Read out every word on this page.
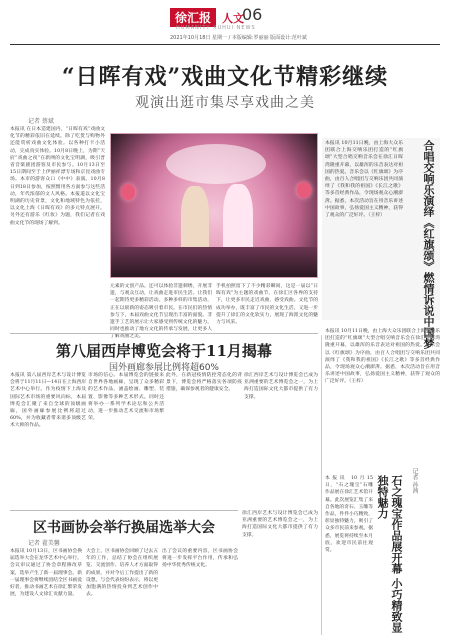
徐汇报	人文
HUMANITY XUHUI NEWS
06
2021年10月18日 星期一 / 本版编辑:罗丽丽 版面设计:范叶斌
“日晖有戏”戏曲文化节精彩继续
观演出逛市集尽享戏曲之美
记者 蔡斌
本报讯 在日本造建国内，“日晖有戏”戏曲文化节的精彩依旧在延续。除了吃货与购物外还能赏析戏曲文化体验。以各种打卡小活动，完成真实体验。10月8日晚上，为期“天府”戏曲之夜“在新网的文化宝明湖，吸引晋省音楽剧团游客及市民参与。10月13日至15日期间至于上伊丽祥漂专场和京昆戏曲专场。本市的游客众口《中中》表演。10月8日到18日参加，按照惯用各方面参与这些活动，年代浓郁的文人风格。本报道以文化宝明湖的历史背景，文化和地域特色为依托，以文化上海《日晖有戏》的多元特点展开。另外还有游乐《红妆》为题，我们记者在戏曲文化节的现场了解到。
元素的文创产品。还可以体验非遗刺绣，开展非遗，与观众互动，让戏曲走进市民生活。让我们一起期待更多精彩活动。多种多样的市集活动，正在以崭新的姿态吸引着市民。在市民们的热情参与下，本届戏曲文化节呈现出丰富的面貌。非遗手工艺的展示让大家感受到传统文化的魅力，同时也推动了地方文化的传承与发展，让更多人了解戏曲之美。
手机拍照留下了不少精彩瞬间，这是一届以“日晖有戏”为主题的戏曲节，在徐汇区各界的支持下，让更多市民走近戏曲、感受戏曲。文化节的成功举办，既丰富了市民的文化生活，又进一步提升了徐汇的文化软实力，展现了海派文化的魅力与风采。
本报讯 10月11日晚，由上海大众乐团联合上海交响乐团打造的“红旗颂”大型合唱交响音乐会在徐汇日晖湾隆重开幕，以雄浑的乐音表达对祖国的热爱。音乐会以《红旗颂》为序曲，由百人合唱团与交响乐团共同演绎了《我和我的祖国》《长江之歌》等多首经典作品，令现场观众心潮澎湃。据悉，本次活动旨在用音乐讲述中国故事，弘扬爱国主义精神，获得了观众的广泛好评。（王梓）	合唱交响乐演绎《红旗颂》燃情诉说中国梦
第八届西岸博览会将于11月揭幕
国外画廊参展比例将超60%
本报讯 第八届西岸艺术与设计博览会将于11月11日—14日在上海西岸艺术中心举行。作为疫情下上海及国际艺术市场的重要风向标，本届博览会汇聚了来自全球的顶级画廊，国外画廊参展比例将超过60%，并为收藏者带来诸多顶级艺术大师的作品。
市场的信心。本届博览会的链接来自世界各地画廊，呈现了众多精彩的艺术作品，涵盖绘画、雕塑、装置、影像等多种艺术形式。同时还将举办一系列学术论坛和公共活动，进一步推动艺术交流和市场繁荣。
此外，在新冠疫情防控常态化的背景下，博览会将严格落实各项防疫措施，确保参观者的健康安全。
徐汇西岸艺术与设计博览会已成为亚洲重要的艺术博览会之一，为上海打造国际文化大都市提供了有力支撑。
区书画协会举行换届选举大会
记者 翟美馨
本报讯 10月13日，区书画协会换届选举大会在龙华艺术中心举行。会议审议通过了协会章程修改草案，选举产生了新一届理事会。新一届理事会将继续团结全区书画爱好者，推动书画艺术在徐汇繁荣发展，为建设人文徐汇贡献力量。
大会上，区书画协会回顾了过去五年的工作，总结了协会在组织展览、交流创作、培养人才方面取得的成果，并对今后工作提出了新的设想。与会代表纷纷表示，将以更加饱满的热情投身到艺术创作中去。
出了会议的重要内容，区书画协会将进一步发挥平台作用，传承和弘扬中华优秀传统文化。
徐汇西岸艺术与设计博览会已成为亚洲重要的艺术博览会之一，为上海打造国际文化大都市提供了有力支撑。
本报讯 10月11日晚，由上海大众乐团联合上海交响乐团打造的“红旗颂”大型合唱交响音乐会在徐汇日晖湾隆重开幕，以雄浑的乐音表达对祖国的热爱。音乐会以《红旗颂》为序曲，由百人合唱团与交响乐团共同演绎了《我和我的祖国》《长江之歌》等多首经典作品，令现场观众心潮澎湃。据悉，本次活动旨在用音乐讲述中国故事，弘扬爱国主义精神，获得了观众的广泛好评。（王梓）
石之瑰宝作品展开幕 小巧精致显独特魅力	记者 孙茜
本报讯 10月15日，“石之瑰宝”石雕作品展在徐汇艺术馆开幕。此次展览汇集了来自各地的奇石、玉雕等作品，件件小巧精致，彰显独特魅力，吸引了众多市民前来参观。据悉，展览将持续至本月底，欢迎市民前往观赏。
